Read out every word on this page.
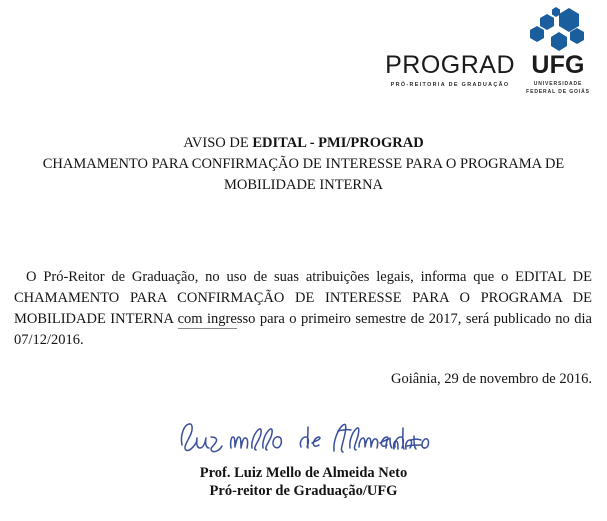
PROGRAD
PRÓ-REITORIA DE GRADUAÇÃO
UFG
UNIVERSIDADE
FEDERAL DE GOIÁS
AVISO DE EDITAL - PMI/PROGRAD
CHAMAMENTO PARA CONFIRMAÇÃO DE INTERESSE PARA O PROGRAMA DE
MOBILIDADE INTERNA

O Pró-Reitor de Graduação, no uso de suas atribuições legais, informa que o EDITAL DE CHAMAMENTO PARA CONFIRMAÇÃO DE INTERESSE PARA O PROGRAMA DE MOBILIDADE INTERNA com ingresso para o primeiro semestre de 2017, será publicado no dia 07/12/2016.

Goiânia, 29 de novembro de 2016.
Prof. Luiz Mello de Almeida Neto
Pró-reitor de Graduação/UFG
